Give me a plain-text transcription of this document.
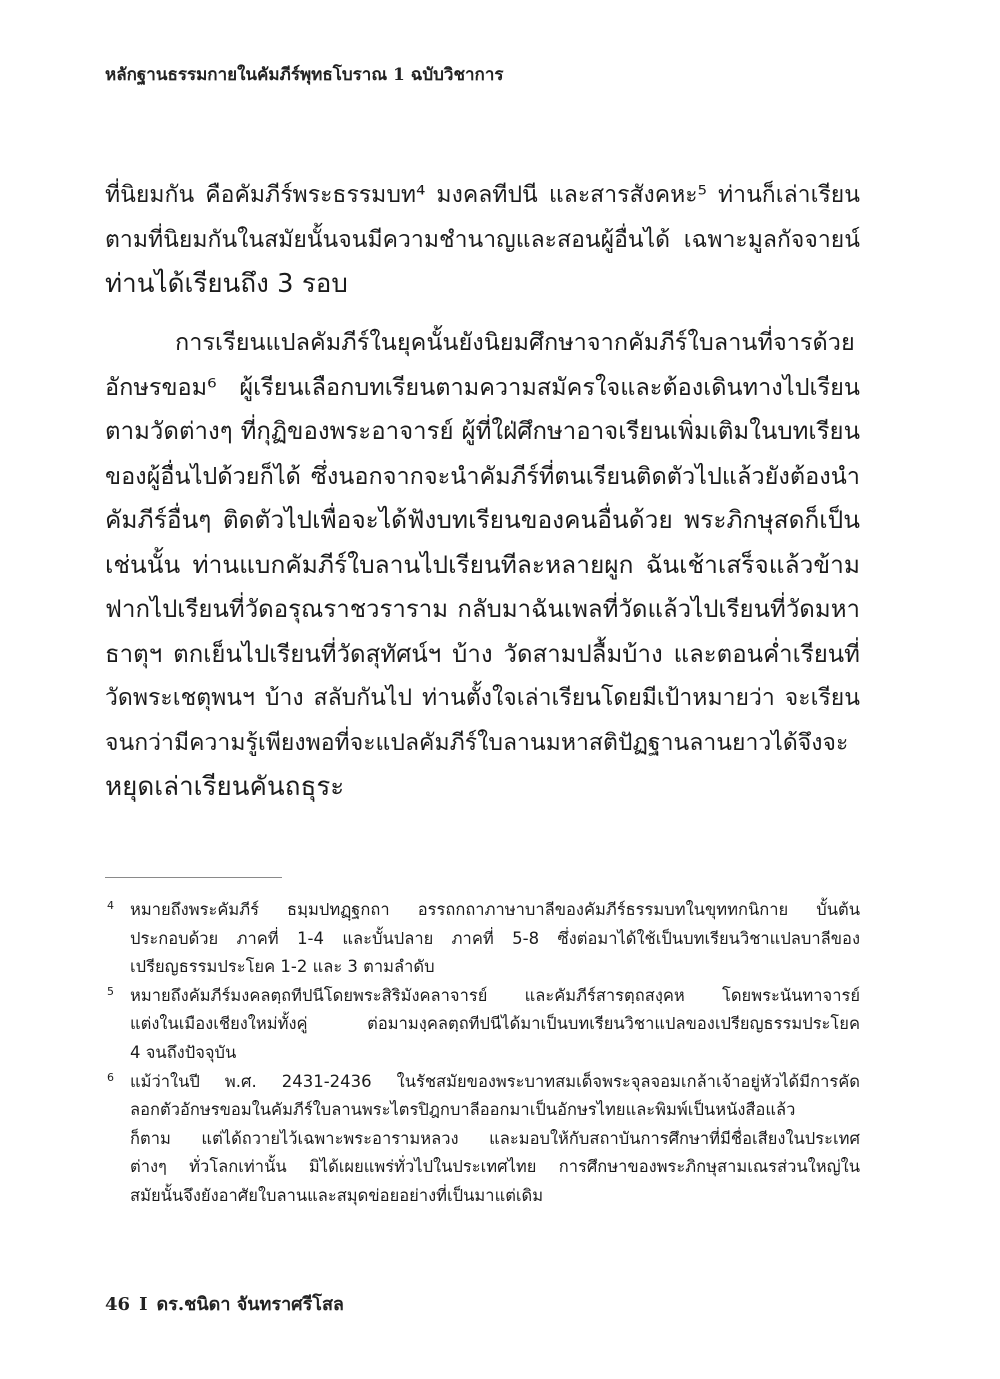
หลักฐานธรรมกายในคัมภีร์พุทธโบราณ 1 ฉบับวิชาการ
ที่นิยมกัน คือคัมภีร์พระธรรมบท⁴ มงคลทีปนี และสารสังคหะ⁵ ท่านก็เล่าเรียน
ตามที่นิยมกันในสมัยนั้นจนมีความชำนาญและสอนผู้อื่นได้ เฉพาะมูลกัจจายน์
ท่านได้เรียนถึง 3 รอบ
การเรียนแปลคัมภีร์ในยุคนั้นยังนิยมศึกษาจากคัมภีร์ใบลานที่จารด้วย
อักษรขอม⁶ ผู้เรียนเลือกบทเรียนตามความสมัครใจและต้องเดินทางไปเรียน
ตามวัดต่างๆ ที่กุฏิของพระอาจารย์ ผู้ที่ใฝ่ศึกษาอาจเรียนเพิ่มเติมในบทเรียน
ของผู้อื่นไปด้วยก็ได้ ซึ่งนอกจากจะนำคัมภีร์ที่ตนเรียนติดตัวไปแล้วยังต้องนำ
คัมภีร์อื่นๆ ติดตัวไปเพื่อจะได้ฟังบทเรียนของคนอื่นด้วย พระภิกษุสดก็เป็น
เช่นนั้น ท่านแบกคัมภีร์ใบลานไปเรียนทีละหลายผูก ฉันเช้าเสร็จแล้วข้าม
ฟากไปเรียนที่วัดอรุณราชวราราม กลับมาฉันเพลที่วัดแล้วไปเรียนที่วัดมหา
ธาตุฯ ตกเย็นไปเรียนที่วัดสุทัศน์ฯ บ้าง วัดสามปลื้มบ้าง และตอนค่ำเรียนที่
วัดพระเชตุพนฯ บ้าง สลับกันไป ท่านตั้งใจเล่าเรียนโดยมีเป้าหมายว่า จะเรียน
จนกว่ามีความรู้เพียงพอที่จะแปลคัมภีร์ใบลานมหาสติปัฏฐานลานยาวได้จึงจะ
หยุดเล่าเรียนคันถธุระ
4 หมายถึงพระคัมภีร์ ธมฺมปทฏฺฐกถา อรรถกถาภาษาบาลีของคัมภีร์ธรรมบทในขุททกนิกาย บั้นต้น
ประกอบด้วย ภาคที่ 1-4 และบั้นปลาย ภาคที่ 5-8 ซึ่งต่อมาได้ใช้เป็นบทเรียนวิชาแปลบาลีของ
เปรียญธรรมประโยค 1-2 และ 3 ตามลำดับ
5 หมายถึงคัมภีร์มงคลตฺถทีปนีโดยพระสิริมังคลาจารย์ และคัมภีร์สารตฺถสงฺคห โดยพระนันทาจารย์
แต่งในเมืองเชียงใหม่ทั้งคู่ ต่อมามงฺคลตฺถทีปนีได้มาเป็นบทเรียนวิชาแปลของเปรียญธรรมประโยค
4 จนถึงปัจจุบัน
6 แม้ว่าในปี พ.ศ. 2431-2436 ในรัชสมัยของพระบาทสมเด็จพระจุลจอมเกล้าเจ้าอยู่หัวได้มีการคัด
ลอกตัวอักษรขอมในคัมภีร์ใบลานพระไตรปิฎกบาลีออกมาเป็นอักษรไทยและพิมพ์เป็นหนังสือแล้ว
ก็ตาม แต่ได้ถวายไว้เฉพาะพระอารามหลวง และมอบให้กับสถาบันการศึกษาที่มีชื่อเสียงในประเทศ
ต่างๆ ทั่วโลกเท่านั้น มิได้เผยแพร่ทั่วไปในประเทศไทย การศึกษาของพระภิกษุสามเณรส่วนใหญ่ใน
สมัยนั้นจึงยังอาศัยใบลานและสมุดข่อยอย่างที่เป็นมาแต่เดิม
46 I ดร.ชนิดา จันทราศรีโสล
